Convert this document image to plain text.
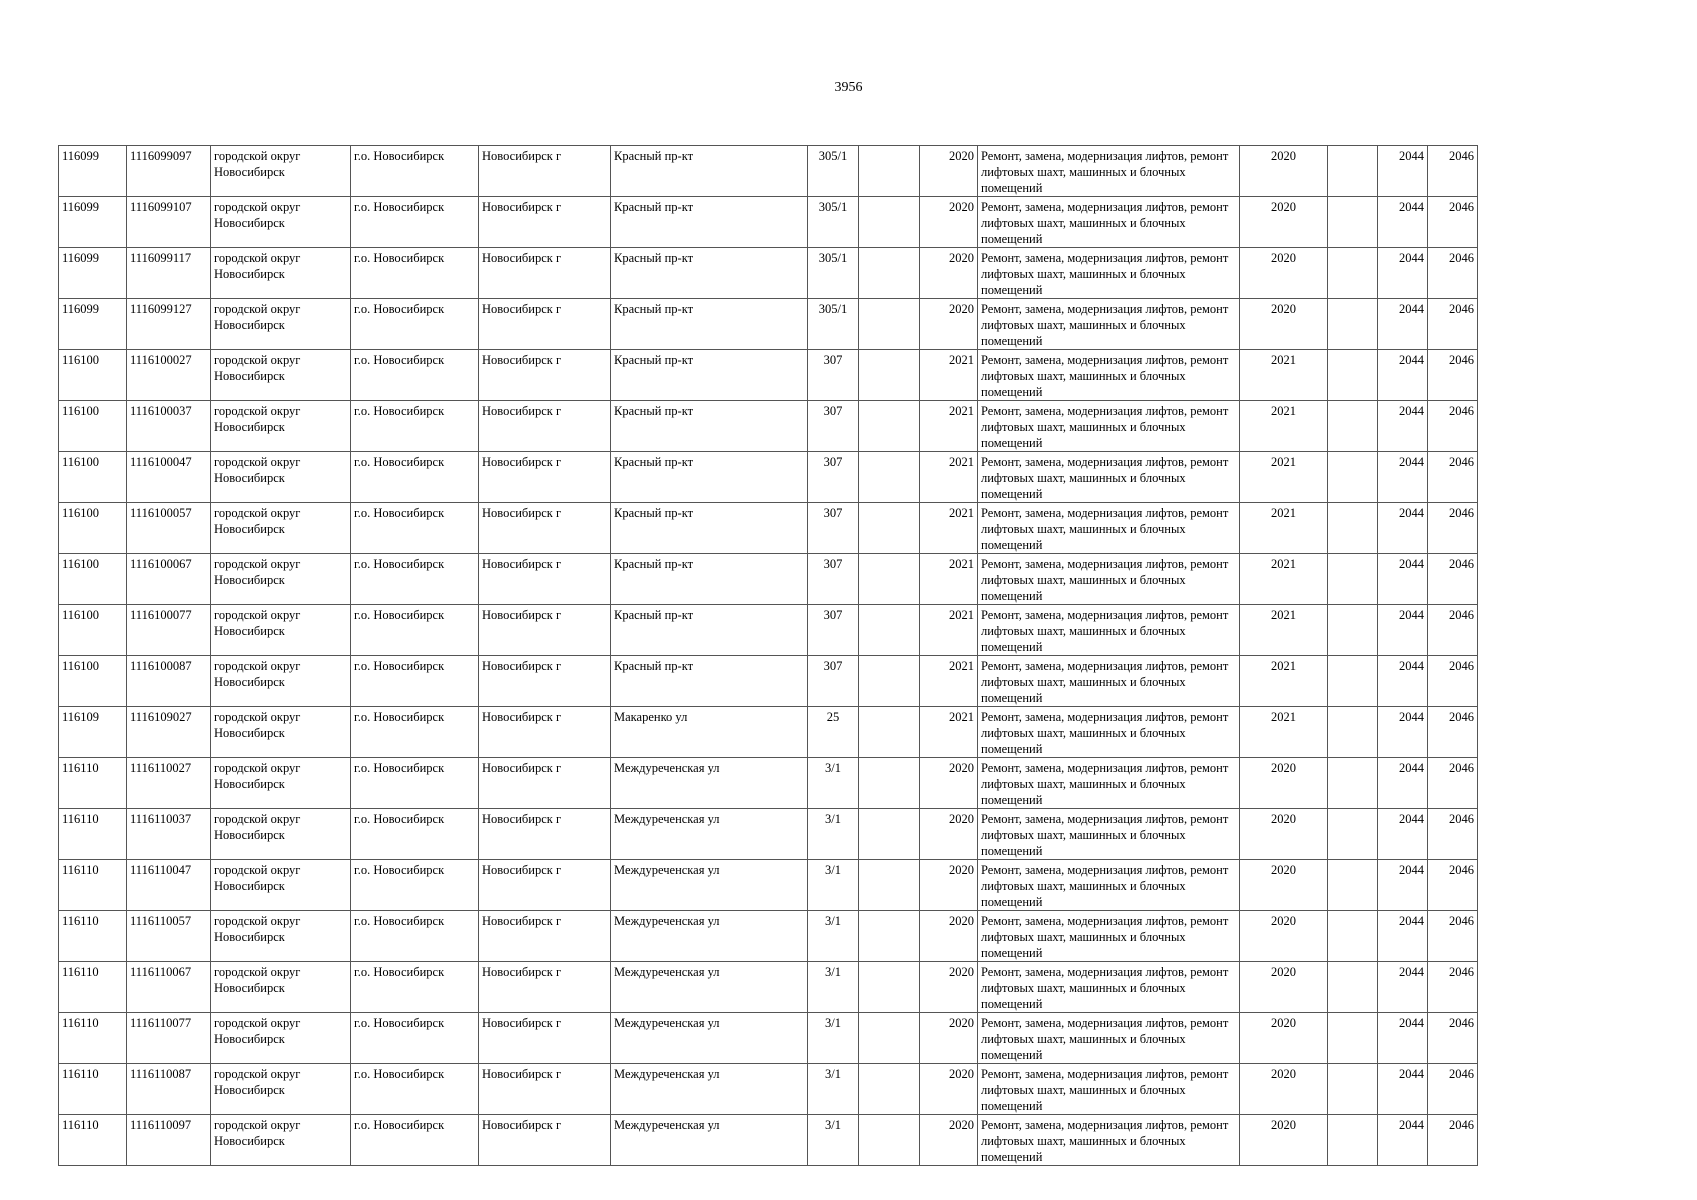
3956
116099	1116099097	городской округ Новосибирск	г.о. Новосибирск	Новосибирск г	Красный пр-кт	305/1		2020	Ремонт, замена, модернизация лифтов, ремонт лифтовых шахт, машинных и блочных помещений	2020		2044	2046
116099	1116099107	городской округ Новосибирск	г.о. Новосибирск	Новосибирск г	Красный пр-кт	305/1		2020	Ремонт, замена, модернизация лифтов, ремонт лифтовых шахт, машинных и блочных помещений	2020		2044	2046
116099	1116099117	городской округ Новосибирск	г.о. Новосибирск	Новосибирск г	Красный пр-кт	305/1		2020	Ремонт, замена, модернизация лифтов, ремонт лифтовых шахт, машинных и блочных помещений	2020		2044	2046
116099	1116099127	городской округ Новосибирск	г.о. Новосибирск	Новосибирск г	Красный пр-кт	305/1		2020	Ремонт, замена, модернизация лифтов, ремонт лифтовых шахт, машинных и блочных помещений	2020		2044	2046
116100	1116100027	городской округ Новосибирск	г.о. Новосибирск	Новосибирск г	Красный пр-кт	307		2021	Ремонт, замена, модернизация лифтов, ремонт лифтовых шахт, машинных и блочных помещений	2021		2044	2046
116100	1116100037	городской округ Новосибирск	г.о. Новосибирск	Новосибирск г	Красный пр-кт	307		2021	Ремонт, замена, модернизация лифтов, ремонт лифтовых шахт, машинных и блочных помещений	2021		2044	2046
116100	1116100047	городской округ Новосибирск	г.о. Новосибирск	Новосибирск г	Красный пр-кт	307		2021	Ремонт, замена, модернизация лифтов, ремонт лифтовых шахт, машинных и блочных помещений	2021		2044	2046
116100	1116100057	городской округ Новосибирск	г.о. Новосибирск	Новосибирск г	Красный пр-кт	307		2021	Ремонт, замена, модернизация лифтов, ремонт лифтовых шахт, машинных и блочных помещений	2021		2044	2046
116100	1116100067	городской округ Новосибирск	г.о. Новосибирск	Новосибирск г	Красный пр-кт	307		2021	Ремонт, замена, модернизация лифтов, ремонт лифтовых шахт, машинных и блочных помещений	2021		2044	2046
116100	1116100077	городской округ Новосибирск	г.о. Новосибирск	Новосибирск г	Красный пр-кт	307		2021	Ремонт, замена, модернизация лифтов, ремонт лифтовых шахт, машинных и блочных помещений	2021		2044	2046
116100	1116100087	городской округ Новосибирск	г.о. Новосибирск	Новосибирск г	Красный пр-кт	307		2021	Ремонт, замена, модернизация лифтов, ремонт лифтовых шахт, машинных и блочных помещений	2021		2044	2046
116109	1116109027	городской округ Новосибирск	г.о. Новосибирск	Новосибирск г	Макаренко ул	25		2021	Ремонт, замена, модернизация лифтов, ремонт лифтовых шахт, машинных и блочных помещений	2021		2044	2046
116110	1116110027	городской округ Новосибирск	г.о. Новосибирск	Новосибирск г	Междуреченская ул	3/1		2020	Ремонт, замена, модернизация лифтов, ремонт лифтовых шахт, машинных и блочных помещений	2020		2044	2046
116110	1116110037	городской округ Новосибирск	г.о. Новосибирск	Новосибирск г	Междуреченская ул	3/1		2020	Ремонт, замена, модернизация лифтов, ремонт лифтовых шахт, машинных и блочных помещений	2020		2044	2046
116110	1116110047	городской округ Новосибирск	г.о. Новосибирск	Новосибирск г	Междуреченская ул	3/1		2020	Ремонт, замена, модернизация лифтов, ремонт лифтовых шахт, машинных и блочных помещений	2020		2044	2046
116110	1116110057	городской округ Новосибирск	г.о. Новосибирск	Новосибирск г	Междуреченская ул	3/1		2020	Ремонт, замена, модернизация лифтов, ремонт лифтовых шахт, машинных и блочных помещений	2020		2044	2046
116110	1116110067	городской округ Новосибирск	г.о. Новосибирск	Новосибирск г	Междуреченская ул	3/1		2020	Ремонт, замена, модернизация лифтов, ремонт лифтовых шахт, машинных и блочных помещений	2020		2044	2046
116110	1116110077	городской округ Новосибирск	г.о. Новосибирск	Новосибирск г	Междуреченская ул	3/1		2020	Ремонт, замена, модернизация лифтов, ремонт лифтовых шахт, машинных и блочных помещений	2020		2044	2046
116110	1116110087	городской округ Новосибирск	г.о. Новосибирск	Новосибирск г	Междуреченская ул	3/1		2020	Ремонт, замена, модернизация лифтов, ремонт лифтовых шахт, машинных и блочных помещений	2020		2044	2046
116110	1116110097	городской округ Новосибирск	г.о. Новосибирск	Новосибирск г	Междуреченская ул	3/1		2020	Ремонт, замена, модернизация лифтов, ремонт лифтовых шахт, машинных и блочных помещений	2020		2044	2046
